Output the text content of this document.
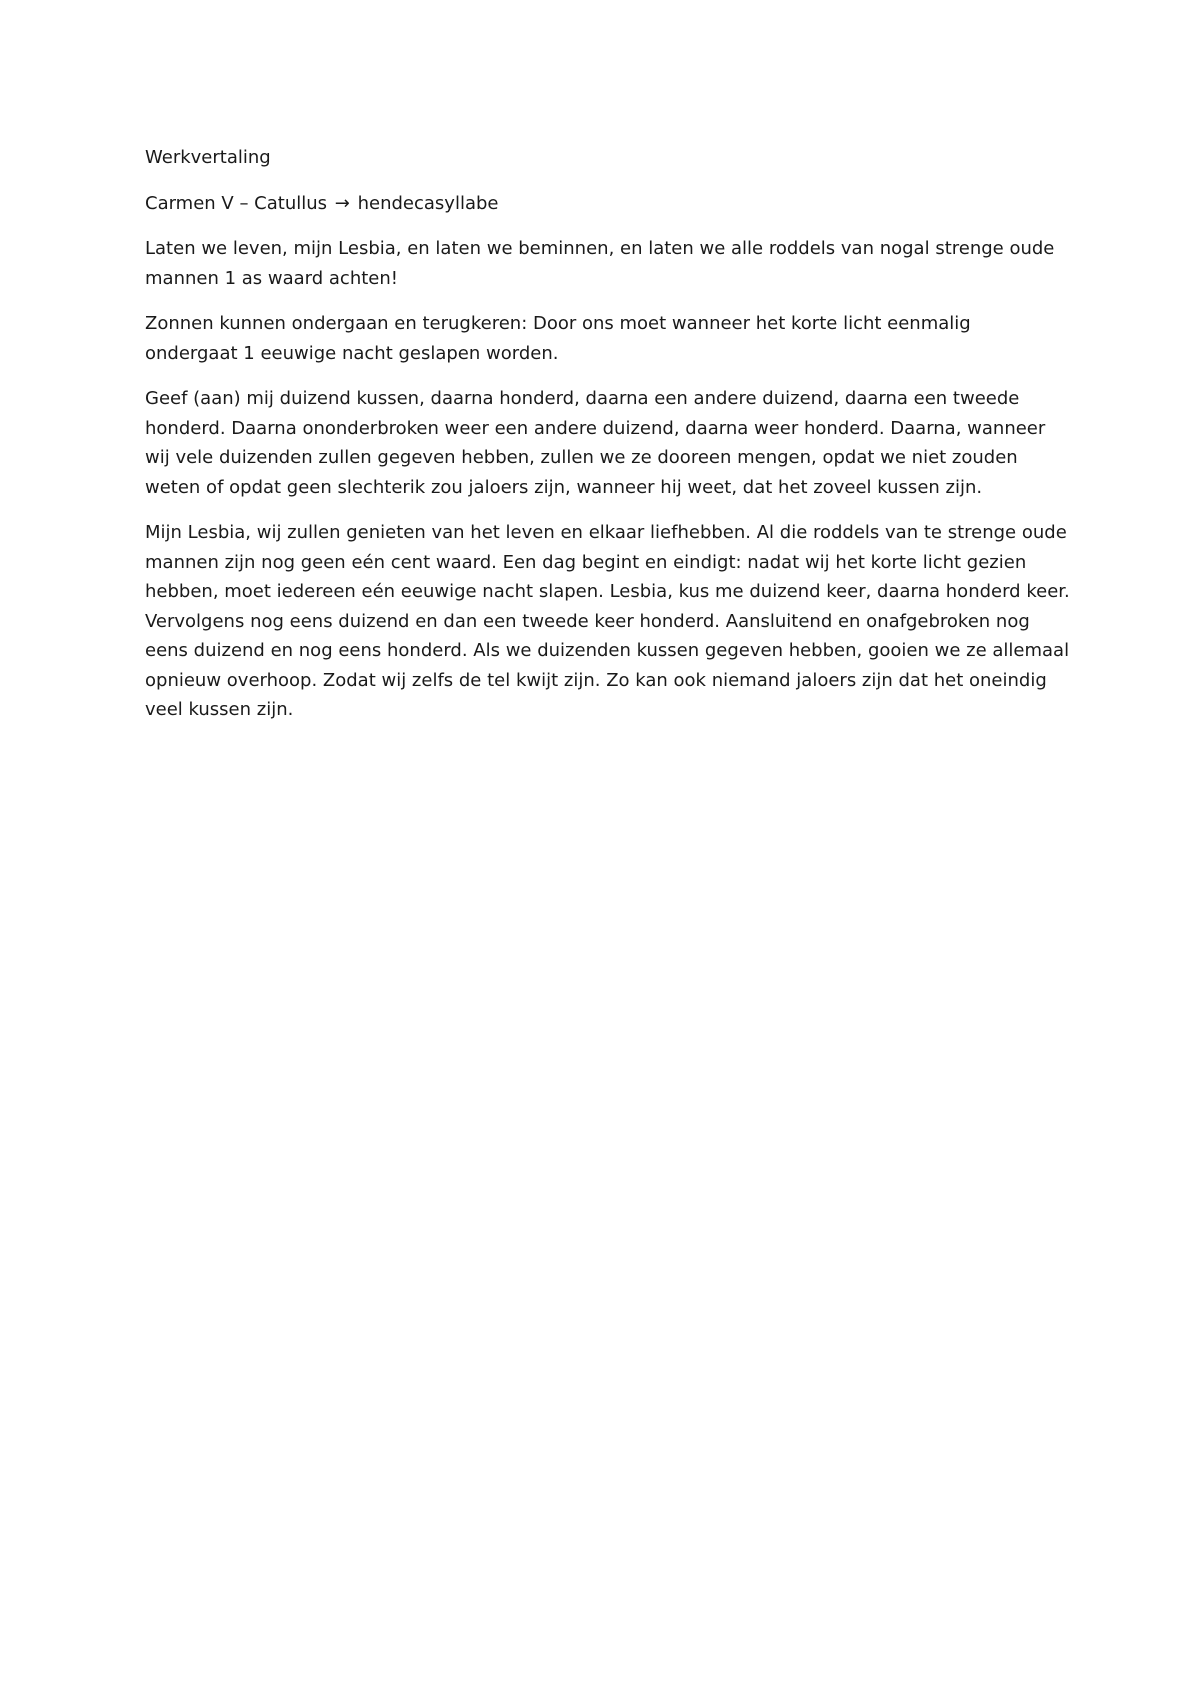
Werkvertaling
Carmen V – Catullus → hendecasyllabe
Laten we leven, mijn Lesbia, en laten we beminnen, en laten we alle roddels van nogal strenge oude
mannen 1 as waard achten!
Zonnen kunnen ondergaan en terugkeren: Door ons moet wanneer het korte licht eenmalig
ondergaat 1 eeuwige nacht geslapen worden.
Geef (aan) mij duizend kussen, daarna honderd, daarna een andere duizend, daarna een tweede
honderd. Daarna ononderbroken weer een andere duizend, daarna weer honderd. Daarna, wanneer
wij vele duizenden zullen gegeven hebben, zullen we ze dooreen mengen, opdat we niet zouden
weten of opdat geen slechterik zou jaloers zijn, wanneer hij weet, dat het zoveel kussen zijn.
Mijn Lesbia, wij zullen genieten van het leven en elkaar liefhebben. Al die roddels van te strenge oude
mannen zijn nog geen eén cent waard. Een dag begint en eindigt: nadat wij het korte licht gezien
hebben, moet iedereen eén eeuwige nacht slapen. Lesbia, kus me duizend keer, daarna honderd keer.
Vervolgens nog eens duizend en dan een tweede keer honderd. Aansluitend en onafgebroken nog
eens duizend en nog eens honderd. Als we duizenden kussen gegeven hebben, gooien we ze allemaal
opnieuw overhoop. Zodat wij zelfs de tel kwijt zijn. Zo kan ook niemand jaloers zijn dat het oneindig
veel kussen zijn.
